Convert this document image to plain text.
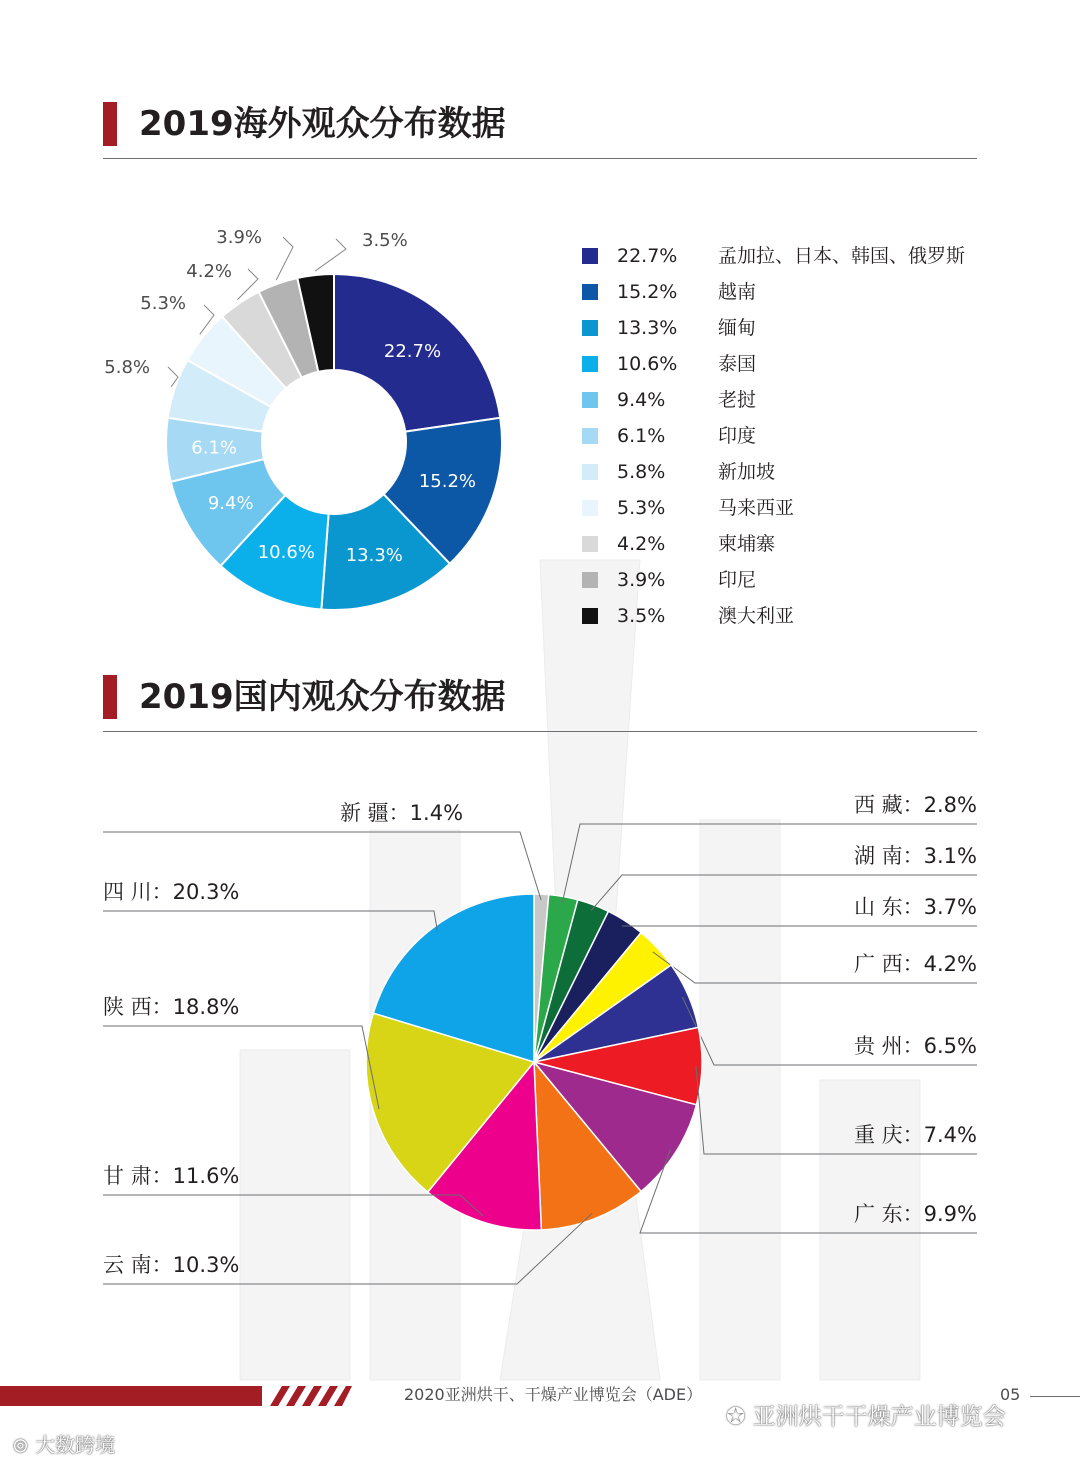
2019海外观众分布数据
22.7%
15.2%
13.3%
10.6%
9.4%
6.1%
5.8%
5.3%
4.2%
3.9%	3.5%
22.7% 孟加拉、日本、韩国、俄罗斯
15.2% 越南
13.3% 缅甸
10.6% 泰国
9.4%	老挝
6.1%	印度
5.8%	新加坡
5.3%	马来西亚
4.2%	柬埔寨
3.9%	印尼
3.5%	澳大利亚
2019国内观众分布数据
新 疆：1.4%	西 藏：2.8%
湖 南：3.1%
山 东：3.7%
广 西：4.2%
贵 州：6.5%
重 庆：7.4%
广 东：9.9%
云 南：10.3%
甘 肃：11.6%
陕 西：18.8%
四 川：20.3%
2020亚洲烘干、干燥产业博览会（ADE）	05
✪ 亚洲烘干干燥产业博览会
⊚ 大数跨境
